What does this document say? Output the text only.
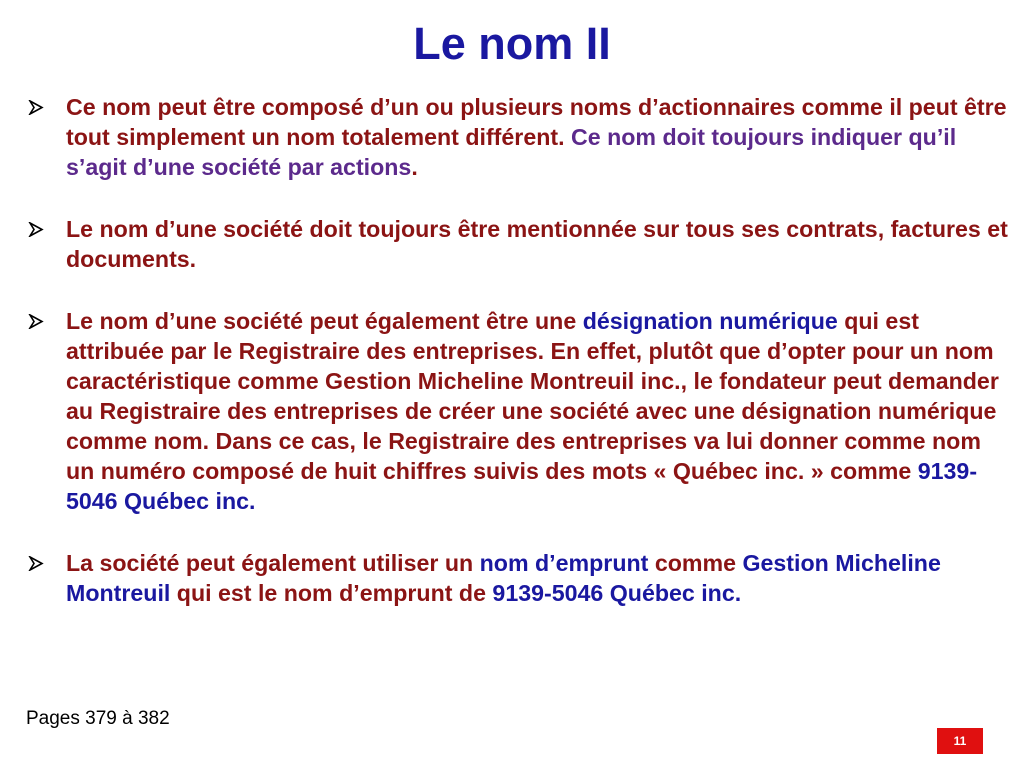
Le nom II
Ce nom peut être composé d’un ou plusieurs noms d’actionnaires comme il peut être tout simplement un nom totalement différent. Ce nom doit toujours indiquer qu’il s’agit d’une société par actions.
Le nom d’une société doit toujours être mentionnée sur tous ses contrats, factures et documents.
Le nom d’une société peut également être une désignation numérique qui est attribuée par le Registraire des entreprises. En effet, plutôt que d’opter pour un nom caractéristique comme Gestion Micheline Montreuil inc., le fondateur peut demander au Registraire des entreprises de créer une société avec une désignation numérique comme nom. Dans ce cas, le Registraire des entreprises va lui donner comme nom un numéro composé de huit chiffres suivis des mots « Québec inc. » comme 9139-5046 Québec inc.
La société peut également utiliser un nom d’emprunt comme Gestion Micheline Montreuil qui est le nom d’emprunt de 9139-5046 Québec inc.
Pages 379 à 382
11
